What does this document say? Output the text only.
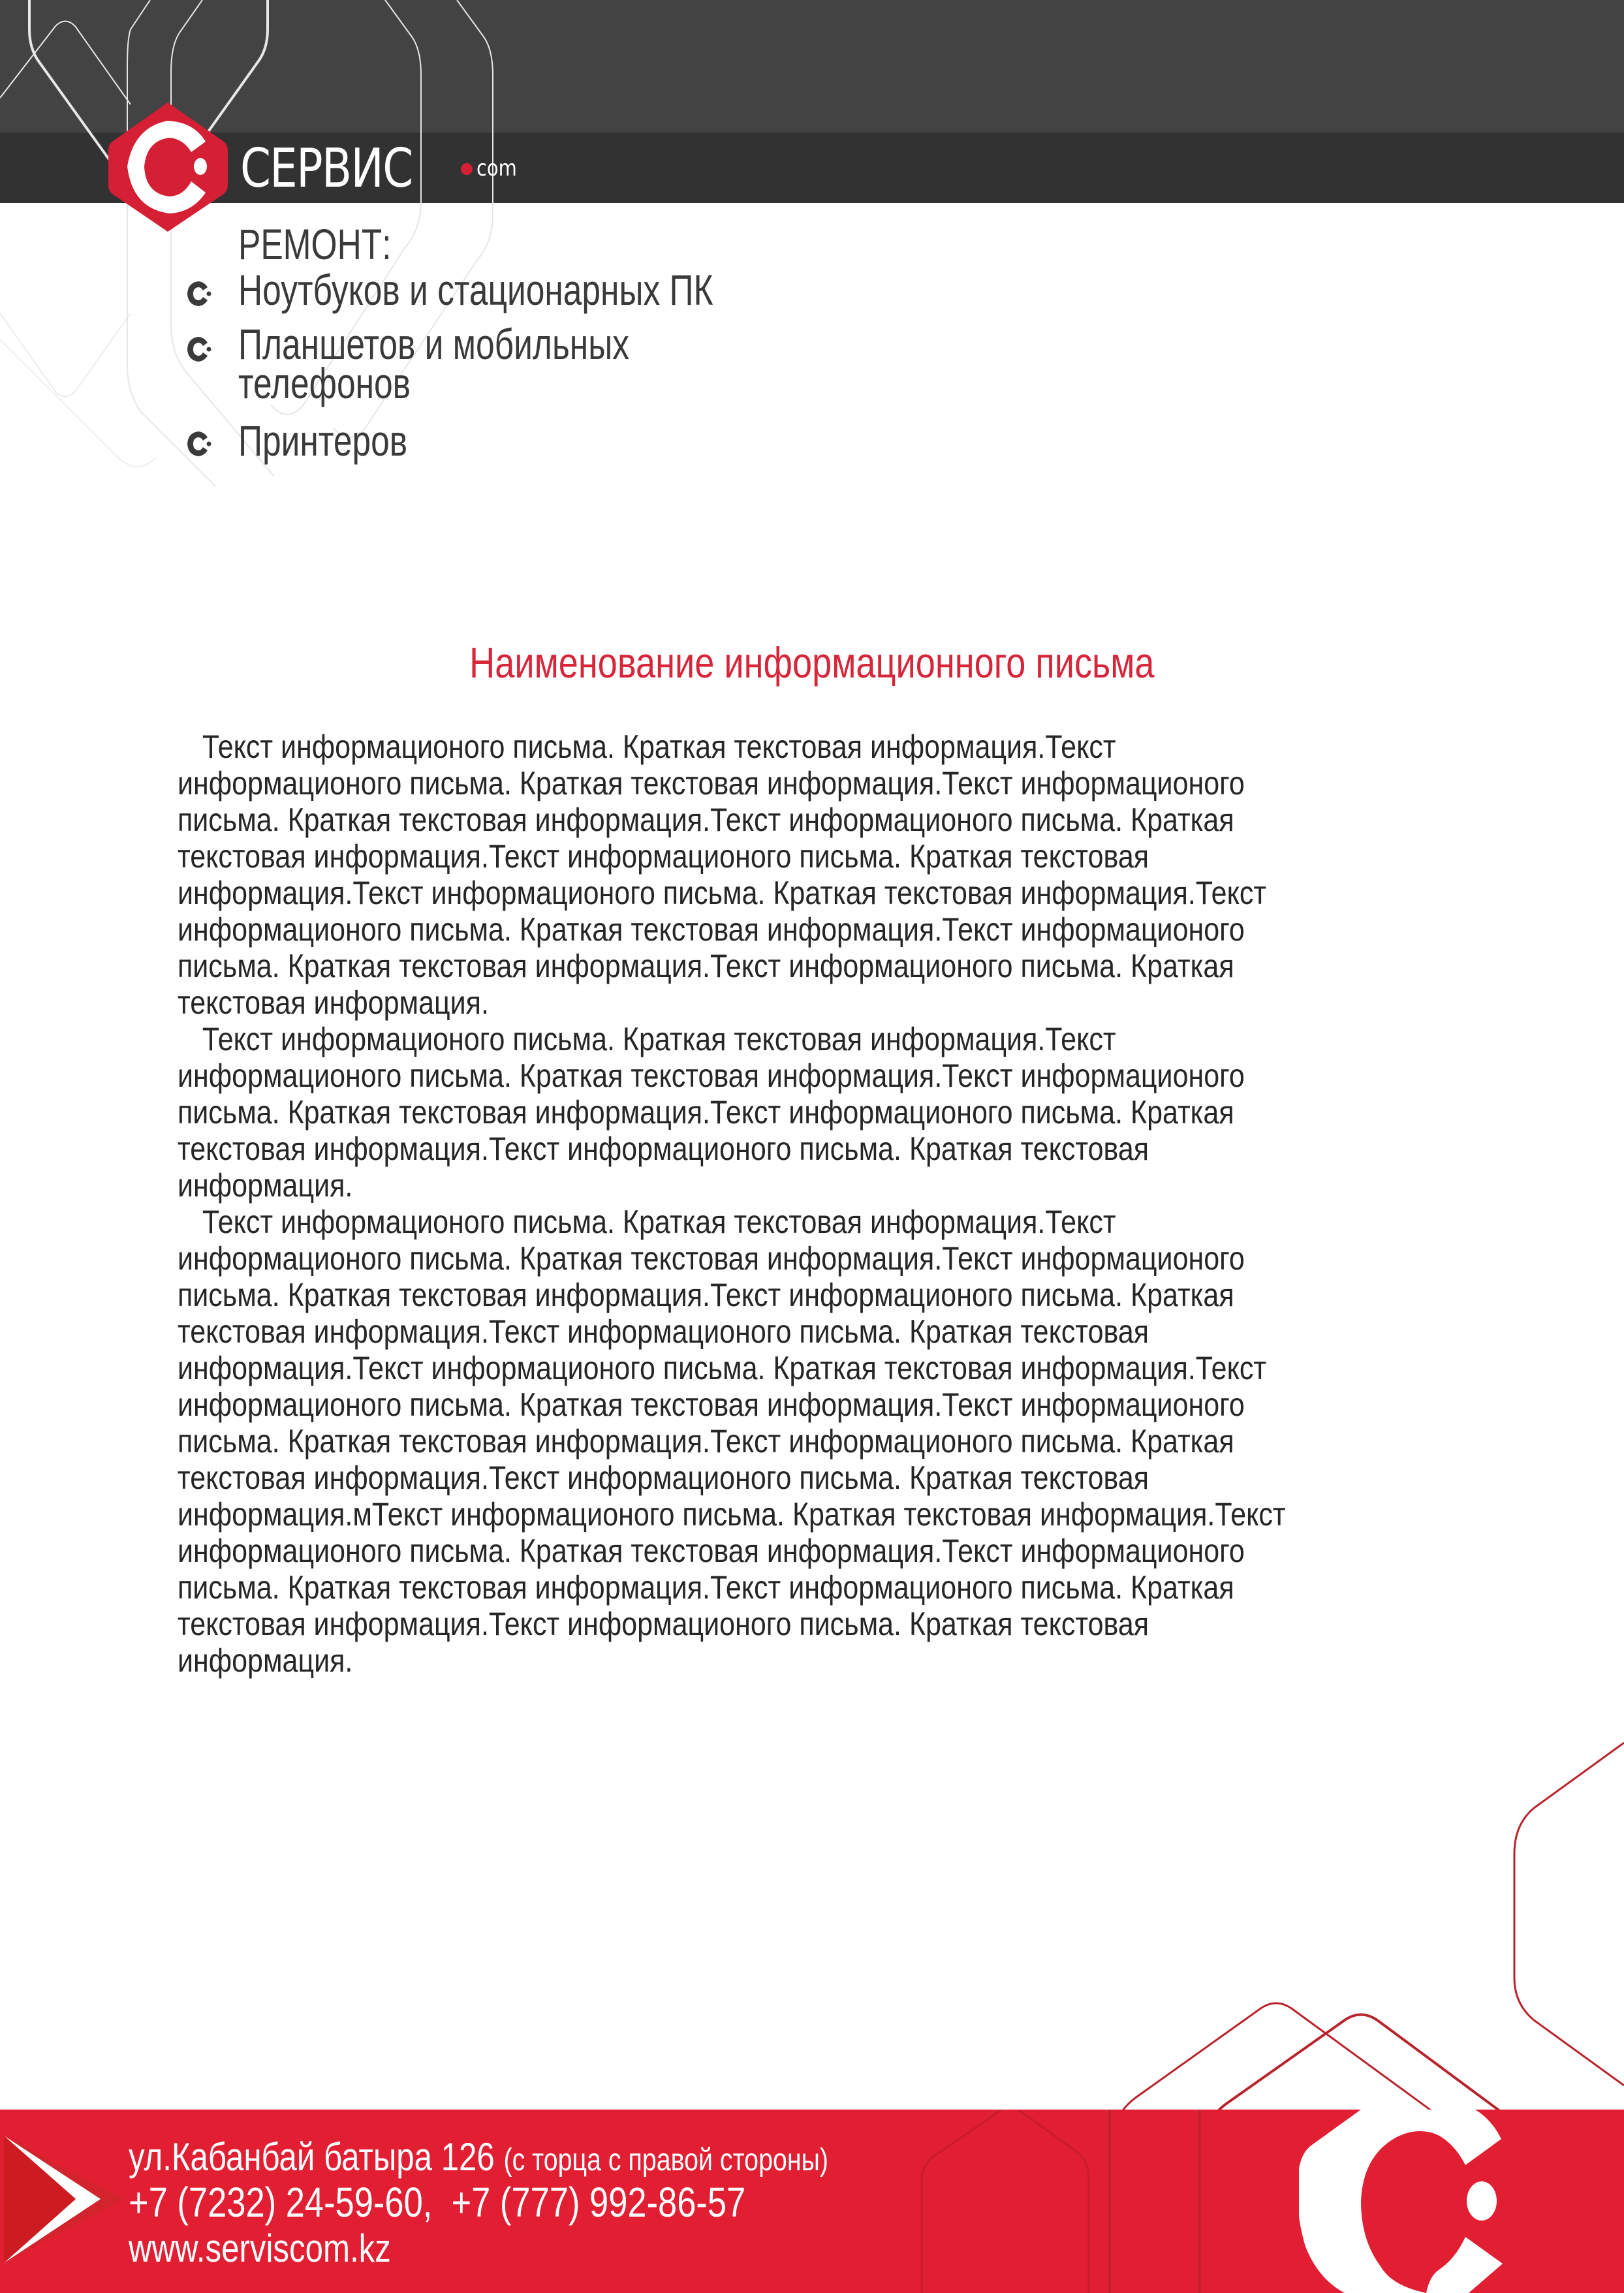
СЕРВИС	com
РЕМОНТ:
Ноутбуков и стационарных ПК
Планшетов и мобильных
телефонов
Принтеров
Наименование информационного письма
Текст информационого письма. Краткая текстовая информация.Текст
информационого письма. Краткая текстовая информация.Текст информационого
письма. Краткая текстовая информация.Текст информационого письма. Краткая
текстовая информация.Текст информационого письма. Краткая текстовая
информация.Текст информационого письма. Краткая текстовая информация.Текст
информационого письма. Краткая текстовая информация.Текст информационого
письма. Краткая текстовая информация.Текст информационого письма. Краткая
текстовая информация.
Текст информационого письма. Краткая текстовая информация.Текст
информационого письма. Краткая текстовая информация.Текст информационого
письма. Краткая текстовая информация.Текст информационого письма. Краткая
текстовая информация.Текст информационого письма. Краткая текстовая
информация.
Текст информационого письма. Краткая текстовая информация.Текст
информационого письма. Краткая текстовая информация.Текст информационого
письма. Краткая текстовая информация.Текст информационого письма. Краткая
текстовая информация.Текст информационого письма. Краткая текстовая
информация.Текст информационого письма. Краткая текстовая информация.Текст
информационого письма. Краткая текстовая информация.Текст информационого
письма. Краткая текстовая информация.Текст информационого письма. Краткая
текстовая информация.Текст информационого письма. Краткая текстовая
информация.мТекст информационого письма. Краткая текстовая информация.Текст
информационого письма. Краткая текстовая информация.Текст информационого
письма. Краткая текстовая информация.Текст информационого письма. Краткая
текстовая информация.Текст информационого письма. Краткая текстовая
информация.
ул.Кабанбай батыра 126 (с торца с правой стороны)
+7 (7232) 24-59-60,  +7 (777) 992-86-57
www.serviscom.kz
